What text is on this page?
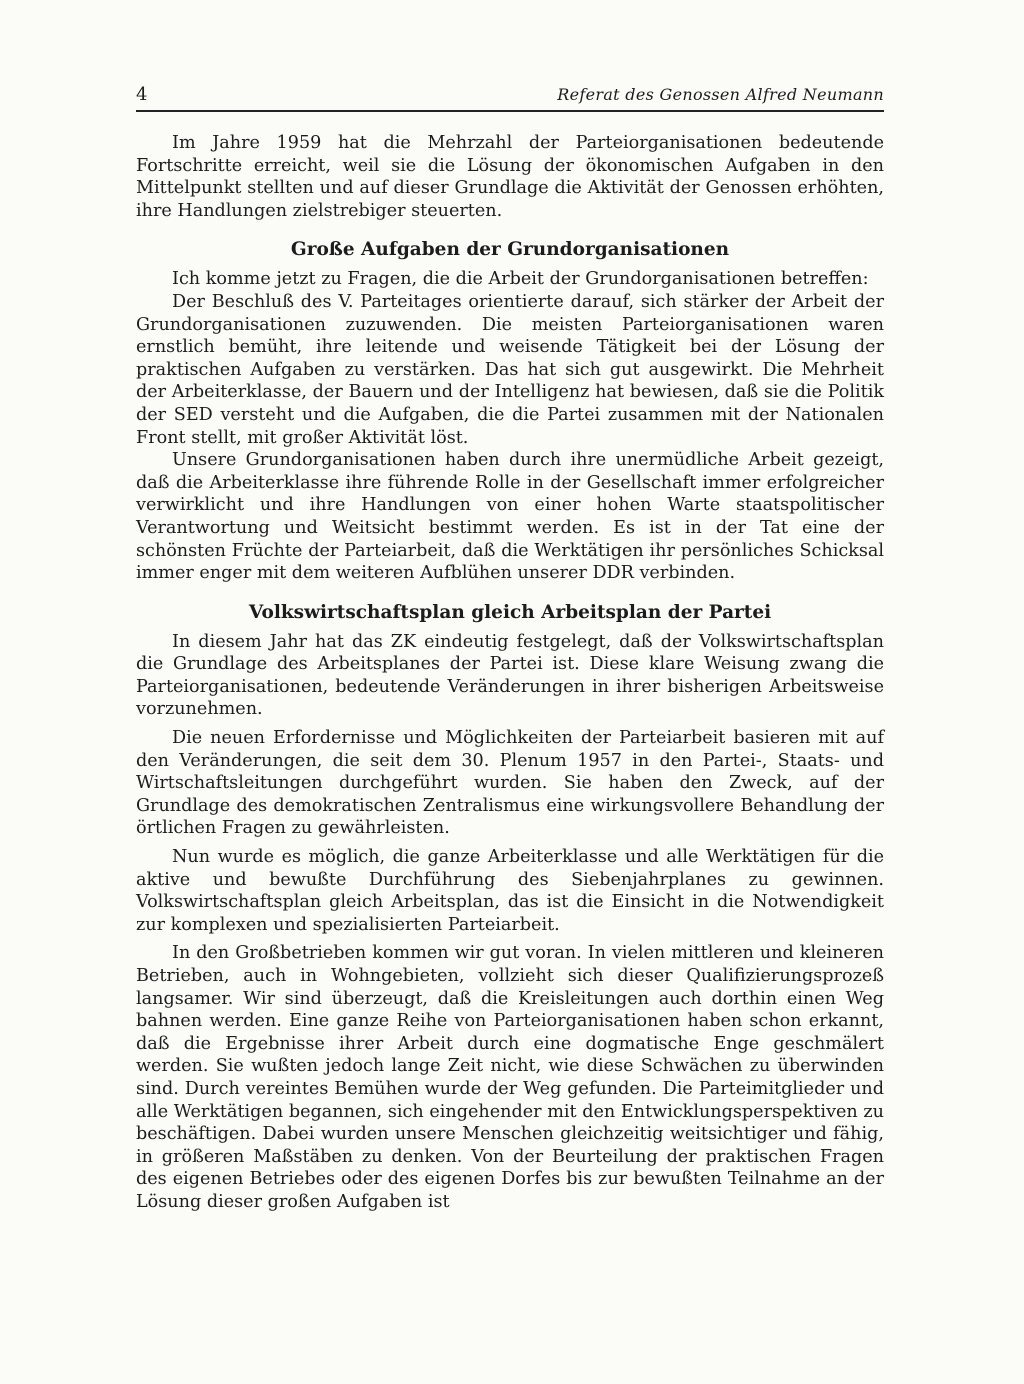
4	Referat des Genossen Alfred Neumann

Im Jahre 1959 hat die Mehrzahl der Parteiorganisationen bedeutende Fortschritte erreicht, weil sie die Lösung der ökonomischen Aufgaben in den Mittelpunkt stellten und auf dieser Grundlage die Aktivität der Genossen erhöhten, ihre Handlungen zielstrebiger steuerten.

Große Aufgaben der Grundorganisationen

Ich komme jetzt zu Fragen, die die Arbeit der Grundorganisationen betreffen:

Der Beschluß des V. Parteitages orientierte darauf, sich stärker der Arbeit der Grundorganisationen zuzuwenden. Die meisten Parteiorganisationen waren ernstlich bemüht, ihre leitende und weisende Tätigkeit bei der Lösung der praktischen Aufgaben zu verstärken. Das hat sich gut ausgewirkt. Die Mehrheit der Arbeiterklasse, der Bauern und der Intelligenz hat bewiesen, daß sie die Politik der SED versteht und die Aufgaben, die die Partei zusammen mit der Nationalen Front stellt, mit großer Aktivität löst.

Unsere Grundorganisationen haben durch ihre unermüdliche Arbeit gezeigt, daß die Arbeiterklasse ihre führende Rolle in der Gesellschaft immer erfolgreicher verwirklicht und ihre Handlungen von einer hohen Warte staatspolitischer Verantwortung und Weitsicht bestimmt werden. Es ist in der Tat eine der schönsten Früchte der Parteiarbeit, daß die Werktätigen ihr persönliches Schicksal immer enger mit dem weiteren Aufblühen unserer DDR verbinden.

Volkswirtschaftsplan gleich Arbeitsplan der Partei

In diesem Jahr hat das ZK eindeutig festgelegt, daß der Volkswirtschaftsplan die Grundlage des Arbeitsplanes der Partei ist. Diese klare Weisung zwang die Parteiorganisationen, bedeutende Veränderungen in ihrer bisherigen Arbeitsweise vorzunehmen.

Die neuen Erfordernisse und Möglichkeiten der Parteiarbeit basieren mit auf den Veränderungen, die seit dem 30. Plenum 1957 in den Partei-, Staats- und Wirtschaftsleitungen durchgeführt wurden. Sie haben den Zweck, auf der Grundlage des demokratischen Zentralismus eine wirkungsvollere Behandlung der örtlichen Fragen zu gewährleisten.

Nun wurde es möglich, die ganze Arbeiterklasse und alle Werktätigen für die aktive und bewußte Durchführung des Siebenjahrplanes zu gewinnen. Volkswirtschaftsplan gleich Arbeitsplan, das ist die Einsicht in die Notwendigkeit zur komplexen und spezialisierten Parteiarbeit.

In den Großbetrieben kommen wir gut voran. In vielen mittleren und kleineren Betrieben, auch in Wohngebieten, vollzieht sich dieser Qualifizierungsprozeß langsamer. Wir sind überzeugt, daß die Kreisleitungen auch dorthin einen Weg bahnen werden. Eine ganze Reihe von Parteiorganisationen haben schon erkannt, daß die Ergebnisse ihrer Arbeit durch eine dogmatische Enge geschmälert werden. Sie wußten jedoch lange Zeit nicht, wie diese Schwächen zu überwinden sind. Durch vereintes Bemühen wurde der Weg gefunden. Die Parteimitglieder und alle Werktätigen begannen, sich eingehender mit den Entwicklungsperspektiven zu beschäftigen. Dabei wurden unsere Menschen gleichzeitig weitsichtiger und fähig, in größeren Maßstäben zu denken. Von der Beurteilung der praktischen Fragen des eigenen Betriebes oder des eigenen Dorfes bis zur bewußten Teilnahme an der Lösung dieser großen Aufgaben ist
